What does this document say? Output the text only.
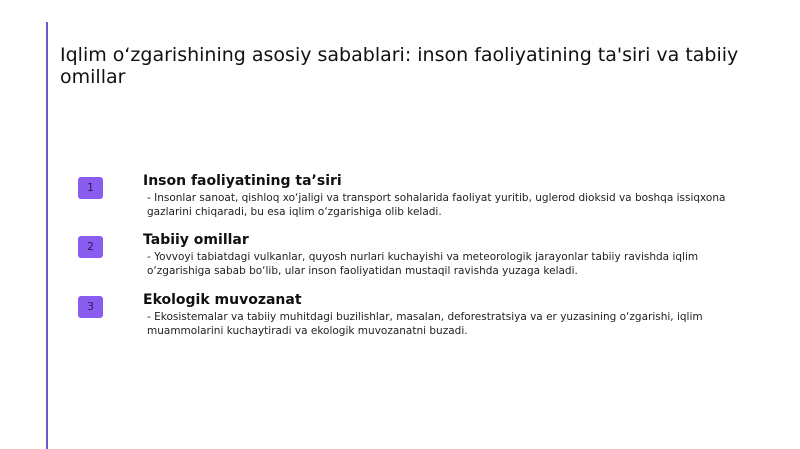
Iqlim o‘zgarishining asosiy sabablari: inson faoliyatining ta'siri va tabiiy omillar
1	Inson faoliyatining ta’siri
- Insonlar sanoat, qishloq xo‘jaligi va transport sohalarida faoliyat yuritib, uglerod dioksid va boshqa issiqxona gazlarini chiqaradi, bu esa iqlim o‘zgarishiga olib keladi.
2	Tabiiy omillar
- Yovvoyi tabiatdagi vulkanlar, quyosh nurlari kuchayishi va meteorologik jarayonlar tabiiy ravishda iqlim o‘zgarishiga sabab bo‘lib, ular inson faoliyatidan mustaqil ravishda yuzaga keladi.
3	Ekologik muvozanat
- Ekosistemalar va tabiiy muhitdagi buzilishlar, masalan, deforestratsiya va er yuzasining o‘zgarishi, iqlim muammolarini kuchaytiradi va ekologik muvozanatni buzadi.
